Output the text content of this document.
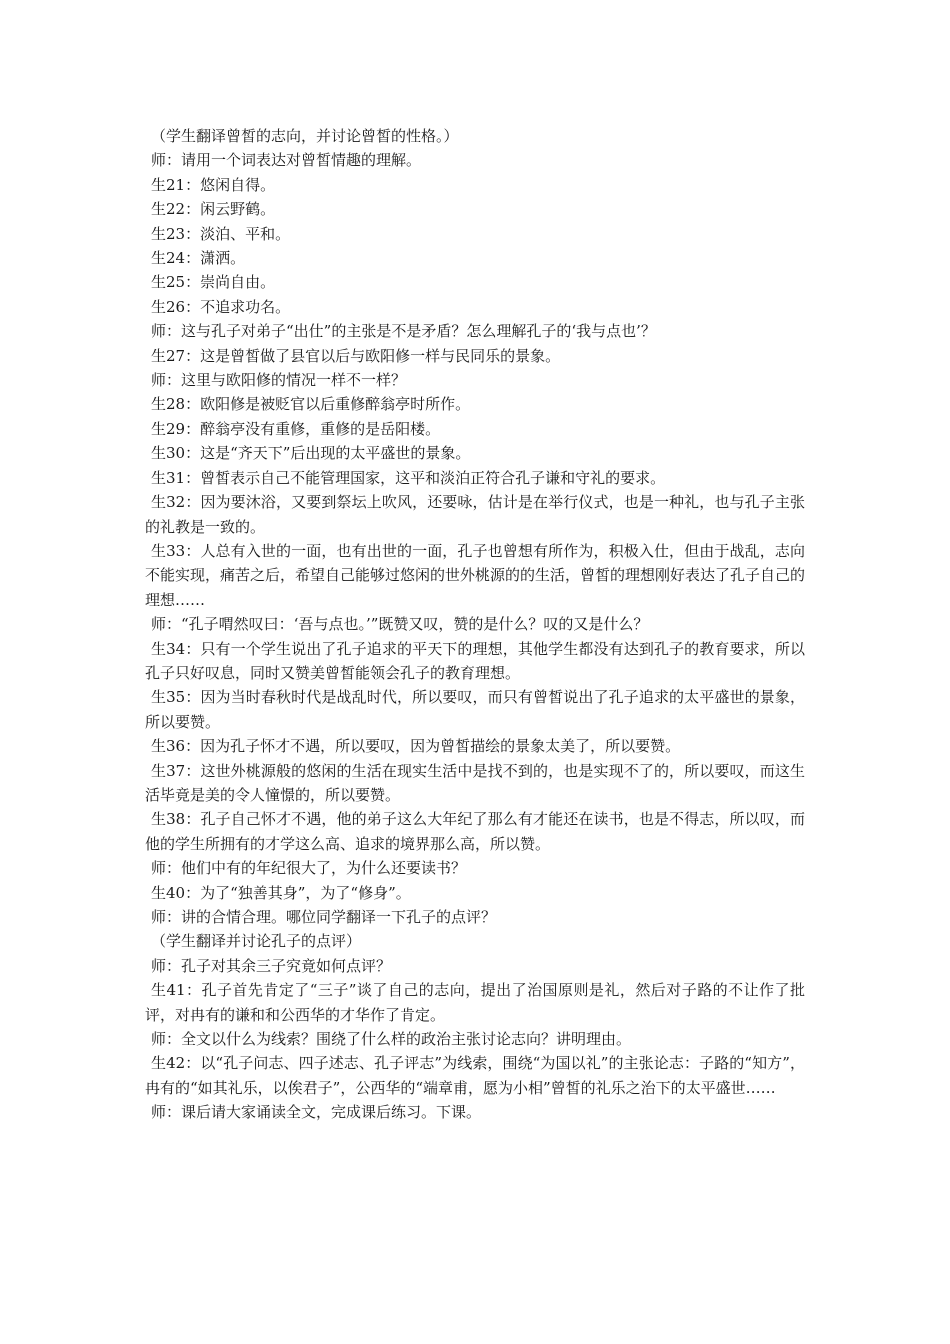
（学生翻译曾皙的志向，并讨论曾皙的性格。）

师：请用一个词表达对曾皙情趣的理解。

生21：悠闲自得。

生22：闲云野鹤。

生23：淡泊、平和。

生24：潇洒。

生25：崇尚自由。

生26：不追求功名。

师：这与孔子对弟子“出仕”的主张是不是矛盾？怎么理解孔子的‘我与点也’？

生27：这是曾皙做了县官以后与欧阳修一样与民同乐的景象。

师：这里与欧阳修的情况一样不一样？

生28：欧阳修是被贬官以后重修醉翁亭时所作。

生29：醉翁亭没有重修，重修的是岳阳楼。

生30：这是“齐天下”后出现的太平盛世的景象。

生31：曾皙表示自己不能管理国家，这平和淡泊正符合孔子谦和守礼的要求。

生32：因为要沐浴，又要到祭坛上吹风，还要咏，估计是在举行仪式，也是一种礼，也与孔子主张的礼教是一致的。

生33：人总有入世的一面，也有出世的一面，孔子也曾想有所作为，积极入仕，但由于战乱，志向不能实现，痛苦之后，希望自己能够过悠闲的世外桃源的的生活，曾皙的理想刚好表达了孔子自己的理想……

师：“孔子喟然叹曰：‘吾与点也。’”既赞又叹，赞的是什么？叹的又是什么？

生34：只有一个学生说出了孔子追求的平天下的理想，其他学生都没有达到孔子的教育要求，所以孔子只好叹息，同时又赞美曾皙能领会孔子的教育理想。

生35：因为当时春秋时代是战乱时代，所以要叹，而只有曾皙说出了孔子追求的太平盛世的景象，所以要赞。

生36：因为孔子怀才不遇，所以要叹，因为曾皙描绘的景象太美了，所以要赞。

生37：这世外桃源般的悠闲的生活在现实生活中是找不到的，也是实现不了的，所以要叹，而这生活毕竟是美的令人憧憬的，所以要赞。

生38：孔子自己怀才不遇，他的弟子这么大年纪了那么有才能还在读书，也是不得志，所以叹，而他的学生所拥有的才学这么高、追求的境界那么高，所以赞。

师：他们中有的年纪很大了，为什么还要读书？

生40：为了“独善其身”，为了“修身”。

师：讲的合情合理。哪位同学翻译一下孔子的点评？

（学生翻译并讨论孔子的点评）

师：孔子对其余三子究竟如何点评？

生41：孔子首先肯定了“三子”谈了自己的志向，提出了治国原则是礼，然后对子路的不让作了批评，对冉有的谦和和公西华的才华作了肯定。

师：全文以什么为线索？围绕了什么样的政治主张讨论志向？讲明理由。

生42：以“孔子问志、四子述志、孔子评志”为线索，围绕“为国以礼”的主张论志：子路的“知方”，冉有的“如其礼乐，以俟君子”，公西华的“端章甫，愿为小相”曾皙的礼乐之治下的太平盛世……

师：课后请大家诵读全文，完成课后练习。下课。
